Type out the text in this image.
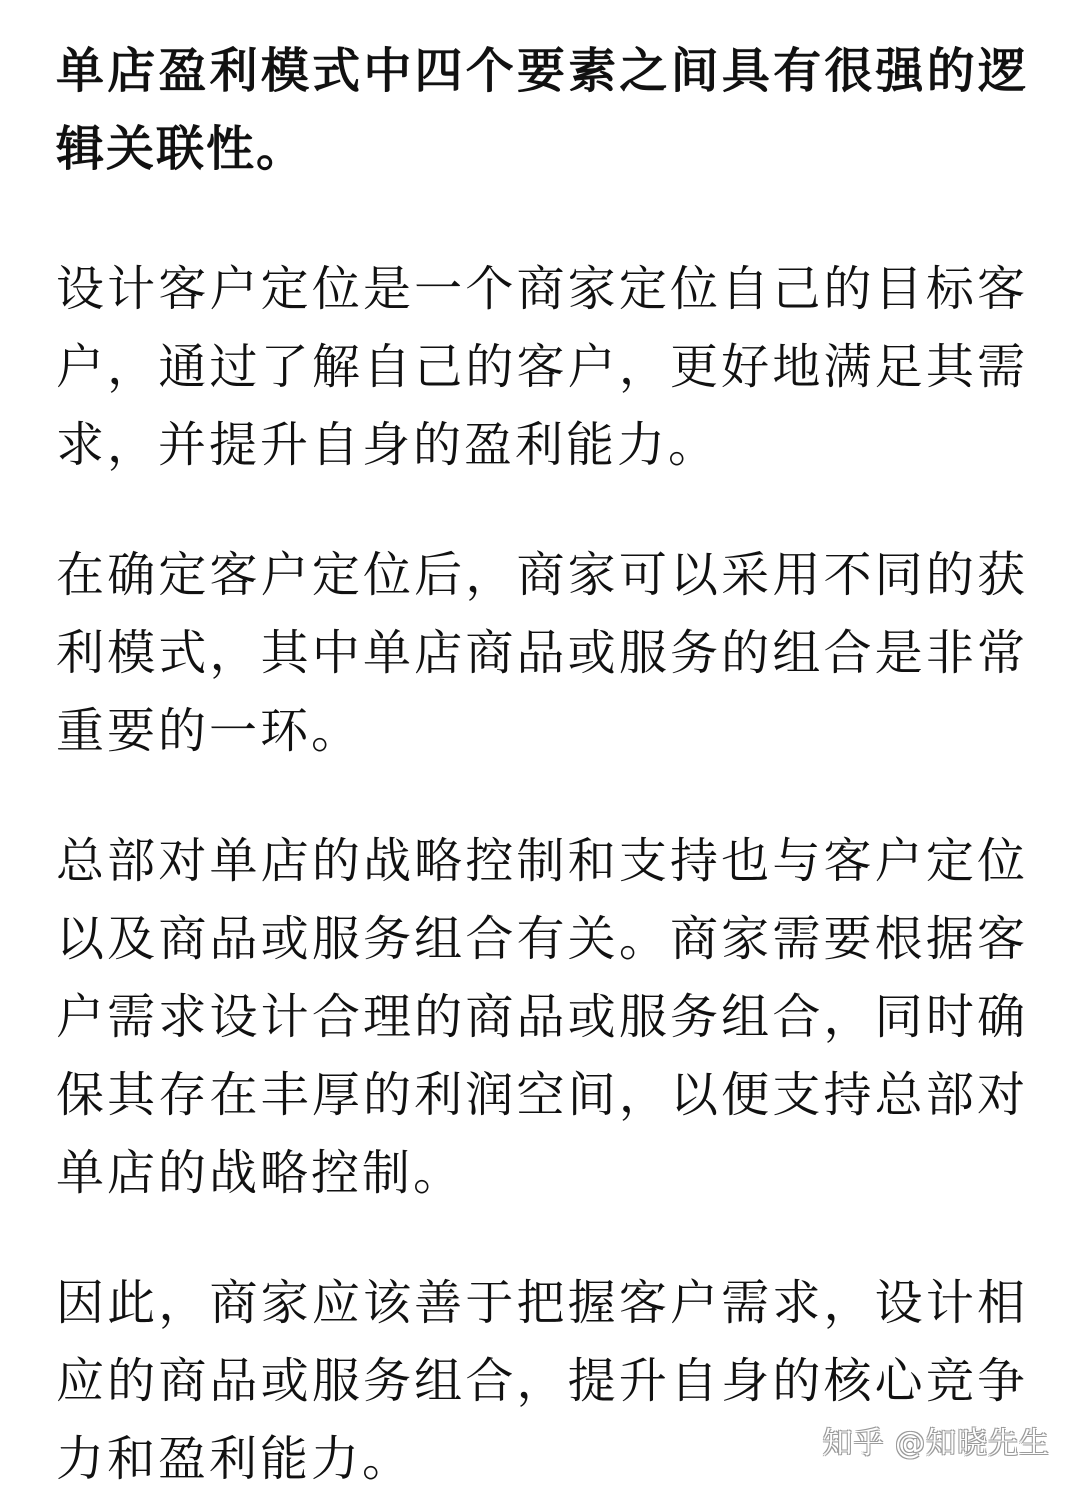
单店盈利模式中四个要素之间具有很强的逻辑关联性。

设计客户定位是一个商家定位自己的目标客户，通过了解自己的客户，更好地满足其需求，并提升自身的盈利能力。

在确定客户定位后，商家可以采用不同的获利模式，其中单店商品或服务的组合是非常重要的一环。

总部对单店的战略控制和支持也与客户定位以及商品或服务组合有关。商家需要根据客户需求设计合理的商品或服务组合，同时确保其存在丰厚的利润空间，以便支持总部对单店的战略控制。

因此，商家应该善于把握客户需求，设计相应的商品或服务组合，提升自身的核心竞争力和盈利能力。	知乎 @知晓先生
